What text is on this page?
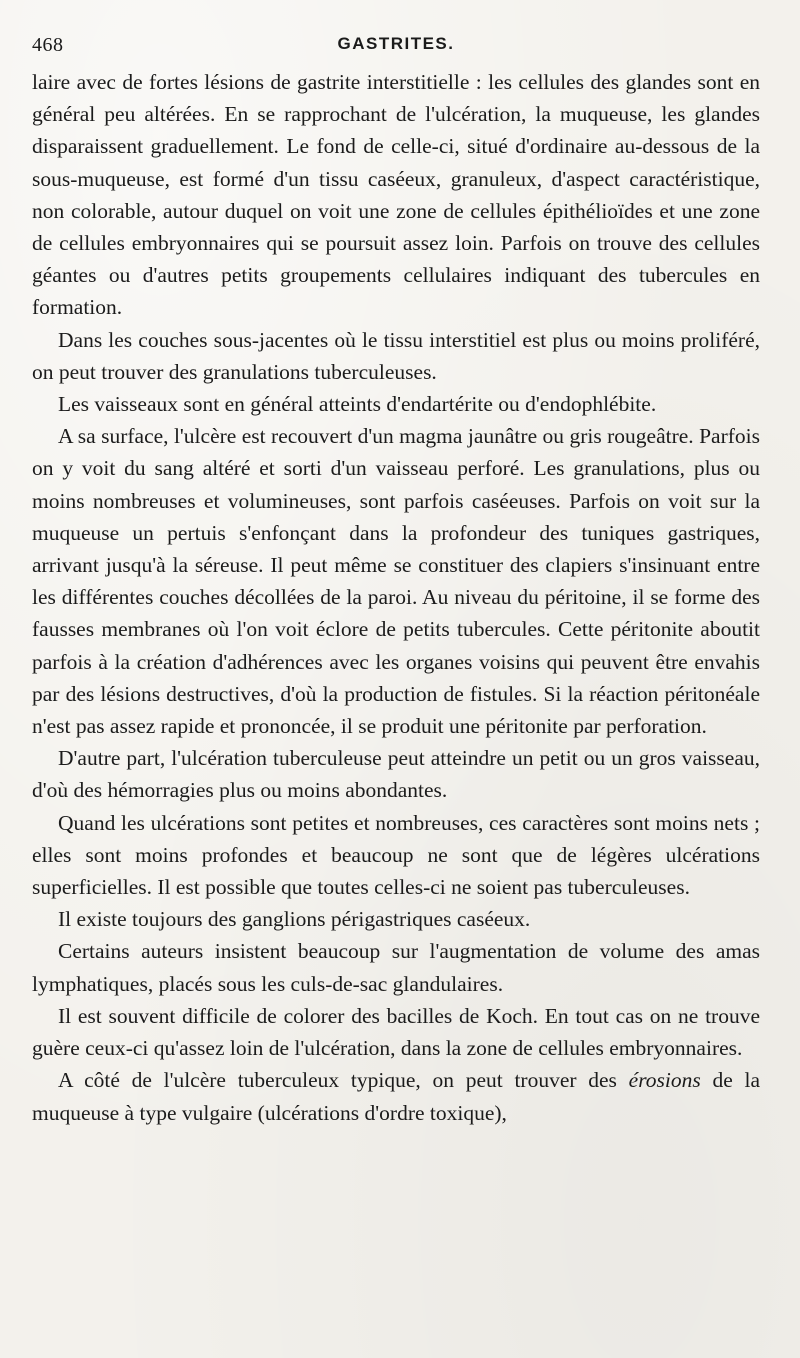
468	GASTRITES.

laire avec de fortes lésions de gastrite interstitielle : les cellules des glandes sont en général peu altérées. En se rapprochant de l'ulcération, la muqueuse, les glandes disparaissent graduellement. Le fond de celle-ci, situé d'ordinaire au-dessous de la sous-muqueuse, est formé d'un tissu caséeux, granuleux, d'aspect caractéristique, non colorable, autour duquel on voit une zone de cellules épithélioïdes et une zone de cellules embryonnaires qui se poursuit assez loin. Parfois on trouve des cellules géantes ou d'autres petits groupements cellulaires indiquant des tubercules en formation.

Dans les couches sous-jacentes où le tissu interstitiel est plus ou moins proliféré, on peut trouver des granulations tuberculeuses.

Les vaisseaux sont en général atteints d'endartérite ou d'endophlébite.

A sa surface, l'ulcère est recouvert d'un magma jaunâtre ou gris rougeâtre. Parfois on y voit du sang altéré et sorti d'un vaisseau perforé. Les granulations, plus ou moins nombreuses et volumineuses, sont parfois caséeuses. Parfois on voit sur la muqueuse un pertuis s'enfonçant dans la profondeur des tuniques gastriques, arrivant jusqu'à la séreuse. Il peut même se constituer des clapiers s'insinuant entre les différentes couches décollées de la paroi. Au niveau du péritoine, il se forme des fausses membranes où l'on voit éclore de petits tubercules. Cette péritonite aboutit parfois à la création d'adhérences avec les organes voisins qui peuvent être envahis par des lésions destructives, d'où la production de fistules. Si la réaction péritonéale n'est pas assez rapide et prononcée, il se produit une péritonite par perforation.

D'autre part, l'ulcération tuberculeuse peut atteindre un petit ou un gros vaisseau, d'où des hémorragies plus ou moins abondantes.

Quand les ulcérations sont petites et nombreuses, ces caractères sont moins nets ; elles sont moins profondes et beaucoup ne sont que de légères ulcérations superficielles. Il est possible que toutes celles-ci ne soient pas tuberculeuses.

Il existe toujours des ganglions périgastriques caséeux.

Certains auteurs insistent beaucoup sur l'augmentation de volume des amas lymphatiques, placés sous les culs-de-sac glandulaires.

Il est souvent difficile de colorer des bacilles de Koch. En tout cas on ne trouve guère ceux-ci qu'assez loin de l'ulcération, dans la zone de cellules embryonnaires.

A côté de l'ulcère tuberculeux typique, on peut trouver des érosions de la muqueuse à type vulgaire (ulcérations d'ordre toxique),
